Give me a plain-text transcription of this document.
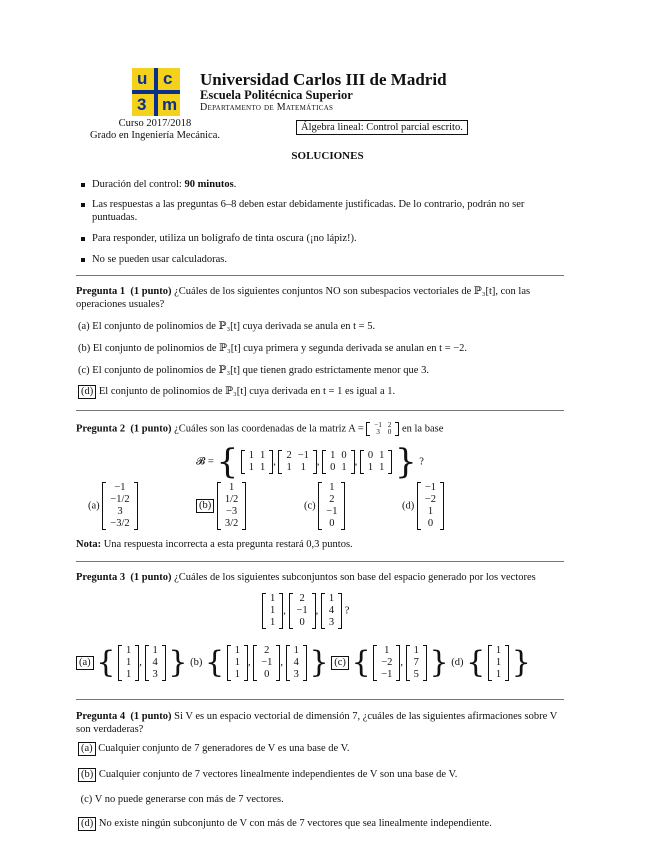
u c
3 m
Universidad Carlos III de Madrid
Escuela Politécnica Superior
Departamento de Matemáticas
Curso 2017/2018
Grado en Ingeniería Mecánica.
Álgebra lineal: Control parcial escrito.
SOLUCIONES
Duración del control: 90 minutos.
Las respuestas a las preguntas 6–8 deben estar debidamente justificadas. De lo contrario, podrán no ser puntuadas.
Para responder, utiliza un bolígrafo de tinta oscura (¡no lápiz!).
No se pueden usar calculadoras.
Pregunta 1 (1 punto) ¿Cuáles de los siguientes conjuntos NO son subespacios vectoriales de ℙ₃[t], con las operaciones usuales?
(a) El conjunto de polinomios de ℙ₃[t] cuya derivada se anula en t = 5.
(b) El conjunto de polinomios de ℙ₃[t] cuya primera y segunda derivada se anulan en t = −2.
(c) El conjunto de polinomios de ℙ₃[t] que tienen grado estrictamente menor que 3.
(d) El conjunto de polinomios de ℙ₃[t] cuya derivada en t = 1 es igual a 1.
Pregunta 2 (1 punto) ¿Cuáles son las coordenadas de la matriz A = −1	2
3	0 en la base
𝓑 = { 1	1
1	1
,
2	−1
1	1
,
1	0
0	1
,
0	1
1	1 } ?
(a)
−1
−1/2
3
−3/2
(b)
1
1/2
−3
3/2
(c)
1
2
−1
0
(d)
−1
−2
1
0
Nota: Una respuesta incorrecta a esta pregunta restará 0,3 puntos.
Pregunta 3 (1 punto) ¿Cuáles de los siguientes subconjuntos son base del espacio generado por los vectores
1
1
1
,
2
−1
0
,
1
4
3
?
(a) { 1
1
1
,
1
4
3 } (b) { 1
1
1
,
2
−1
0
,
1
4
3 } (c) { 1
−2
−1
,
1
7
5 } (d) { 1
1
1 }
Pregunta 4 (1 punto) Si V es un espacio vectorial de dimensión 7, ¿cuáles de las siguientes afirmaciones sobre V son verdaderas?
(a) Cualquier conjunto de 7 generadores de V es una base de V.
(b) Cualquier conjunto de 7 vectores linealmente independientes de V son una base de V.
(c) V no puede generarse con más de 7 vectores.
(d) No existe ningún subconjunto de V con más de 7 vectores que sea linealmente independiente.
